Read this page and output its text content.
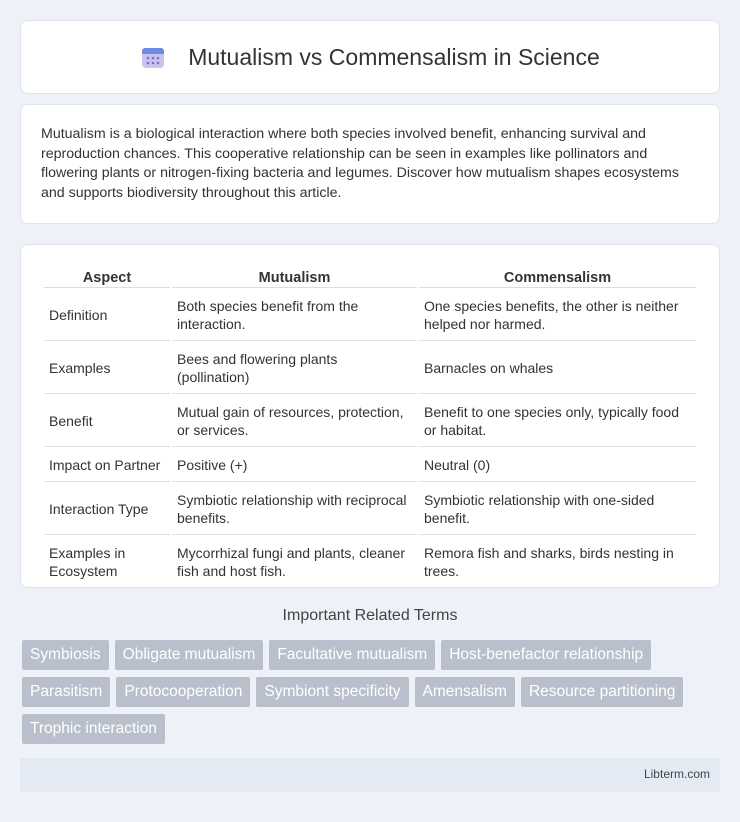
Mutualism vs Commensalism in Science

Mutualism is a biological interaction where both species involved benefit, enhancing survival and reproduction chances. This cooperative relationship can be seen in examples like pollinators and flowering plants or nitrogen-fixing bacteria and legumes. Discover how mutualism shapes ecosystems and supports biodiversity throughout this article.

Aspect	Mutualism	Commensalism
Definition	Both species benefit from the interaction.	One species benefits, the other is neither helped nor harmed.
Examples	Bees and flowering plants (pollination)	Barnacles on whales
Benefit	Mutual gain of resources, protection, or services.	Benefit to one species only, typically food or habitat.
Impact on Partner	Positive (+)	Neutral (0)
Interaction Type	Symbiotic relationship with reciprocal benefits.	Symbiotic relationship with one-sided benefit.
Examples in Ecosystem	Mycorrhizal fungi and plants, cleaner fish and host fish.	Remora fish and sharks, birds nesting in trees.
Important Related Terms
Symbiosis	Obligate mutualism	Facultative mutualism	Host-benefactor relationship
Parasitism	Protocooperation	Symbiont specificity	Amensalism	Resource partitioning
Trophic interaction
Libterm.com
